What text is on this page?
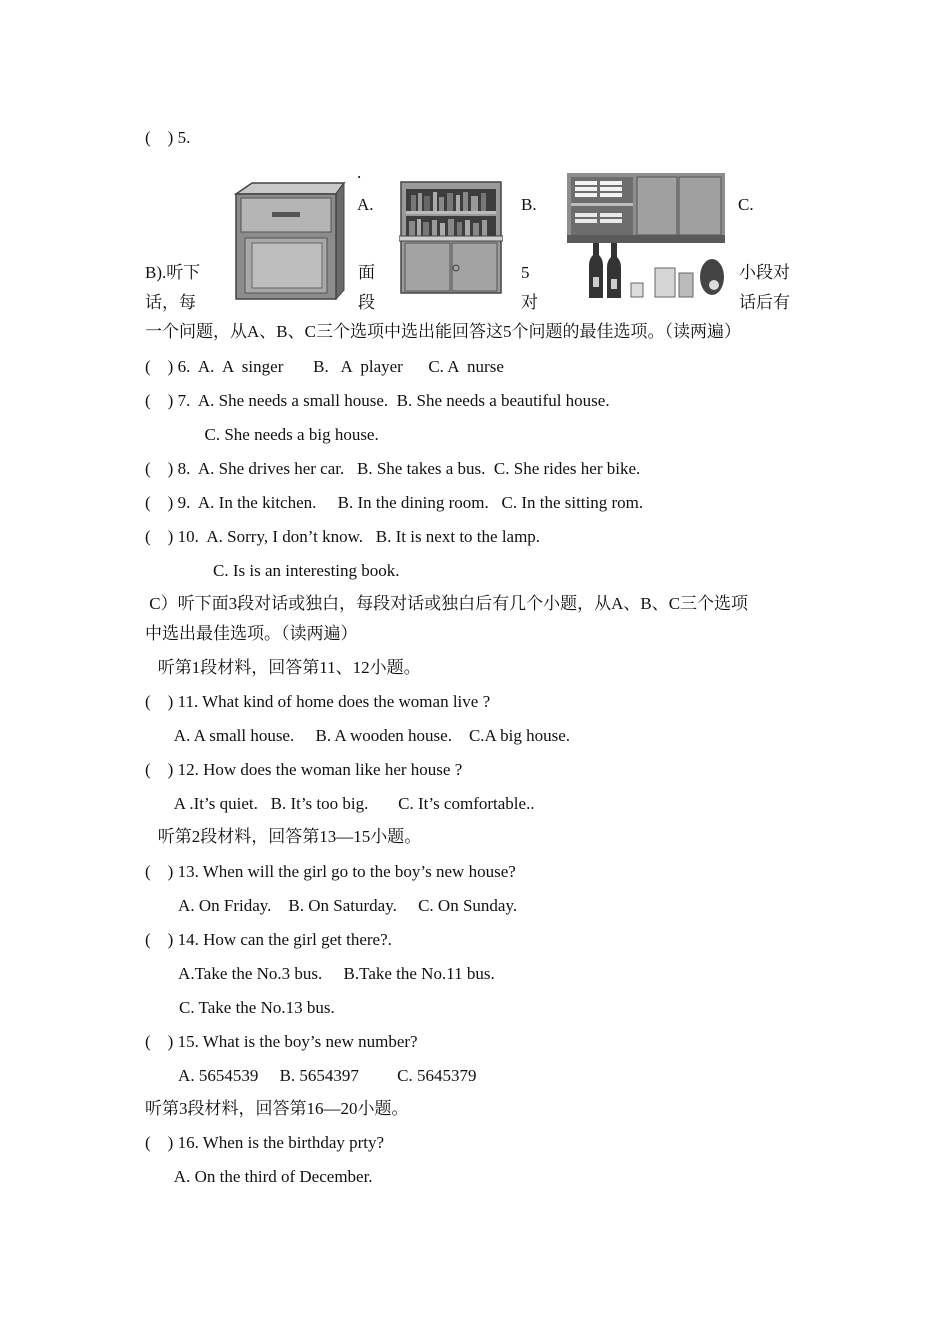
(    ) 5.
.
A.	B.	C.
B).听下	面	5	小段对
话，每	段	对	话后有
一个问题，从A、B、C三个选项中选出能回答这5个问题的最佳选项。（读两遍）
(    ) 6.  A.  A  singer       B.   A  player      C. A  nurse
(    ) 7.  A. She needs a small house.  B. She needs a beautiful house.
C. She needs a big house.
(    ) 8.  A. She drives her car.   B. She takes a bus.  C. She rides her bike.
(    ) 9.  A. In the kitchen.     B. In the dining room.   C. In the sitting rom.
(    ) 10.  A. Sorry, I don’t know.   B. It is next to the lamp.
C. Is is an interesting book.
C）听下面3段对话或独白，每段对话或独白后有几个小题，从A、B、C三个选项
中选出最佳选项。（读两遍）
听第1段材料，回答第11、12小题。
(    ) 11. What kind of home does the woman live ?
A. A small house.     B. A wooden house.    C.A big house.
(    ) 12. How does the woman like her house ?
A .It’s quiet.   B. It’s too big.       C. It’s comfortable..
听第2段材料，回答第13—15小题。
(    ) 13. When will the girl go to the boy’s new house?
A. On Friday.    B. On Saturday.     C. On Sunday.
(    ) 14. How can the girl get there?.
A.Take the No.3 bus.     B.Take the No.11 bus.
C. Take the No.13 bus.
(    ) 15. What is the boy’s new number?
A. 5654539     B. 5654397         C. 5645379
听第3段材料，回答第16—20小题。
(    ) 16. When is the birthday prty?
A. On the third of December.
